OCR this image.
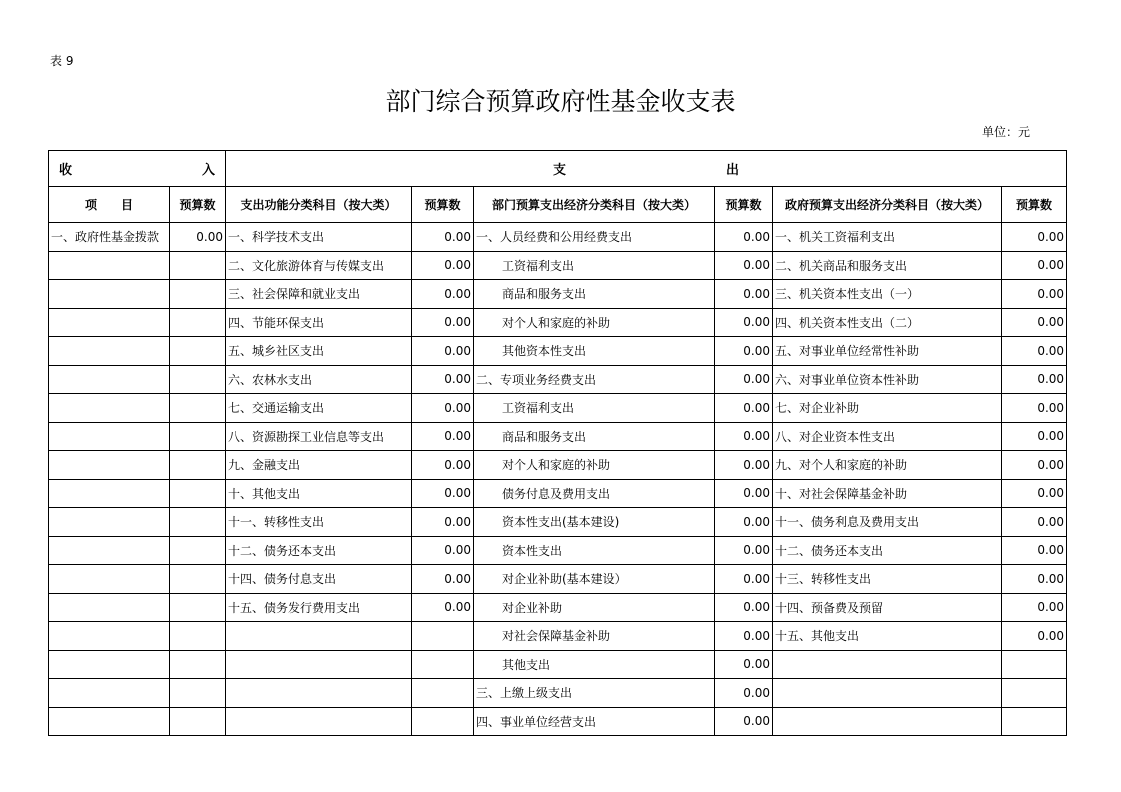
表 9
部门综合预算政府性基金收支表
单位：元
收 入		支 出					
项　　目	预算数	支出功能分类科目（按大类）	预算数	部门预算支出经济分类科目（按大类）	预算数	政府预算支出经济分类科目（按大类）	预算数
一、政府性基金拨款	0.00	一、科学技术支出	0.00	一、人员经费和公用经费支出	0.00	一、机关工资福利支出	0.00
		二、文化旅游体育与传媒支出	0.00	工资福利支出	0.00	二、机关商品和服务支出	0.00
		三、社会保障和就业支出	0.00	商品和服务支出	0.00	三、机关资本性支出（一）	0.00
		四、节能环保支出	0.00	对个人和家庭的补助	0.00	四、机关资本性支出（二）	0.00
		五、城乡社区支出	0.00	其他资本性支出	0.00	五、对事业单位经常性补助	0.00
		六、农林水支出	0.00	二、专项业务经费支出	0.00	六、对事业单位资本性补助	0.00
		七、交通运输支出	0.00	工资福利支出	0.00	七、对企业补助	0.00
		八、资源勘探工业信息等支出	0.00	商品和服务支出	0.00	八、对企业资本性支出	0.00
		九、金融支出	0.00	对个人和家庭的补助	0.00	九、对个人和家庭的补助	0.00
		十、其他支出	0.00	债务付息及费用支出	0.00	十、对社会保障基金补助	0.00
		十一、转移性支出	0.00	资本性支出(基本建设)	0.00	十一、债务利息及费用支出	0.00
		十二、债务还本支出	0.00	资本性支出	0.00	十二、债务还本支出	0.00
		十四、债务付息支出	0.00	对企业补助(基本建设）	0.00	十三、转移性支出	0.00
		十五、债务发行费用支出	0.00	对企业补助	0.00	十四、预备费及预留	0.00
				对社会保障基金补助	0.00	十五、其他支出	0.00
				其他支出	0.00		
				三、上缴上级支出	0.00		
				四、事业单位经营支出	0.00		
